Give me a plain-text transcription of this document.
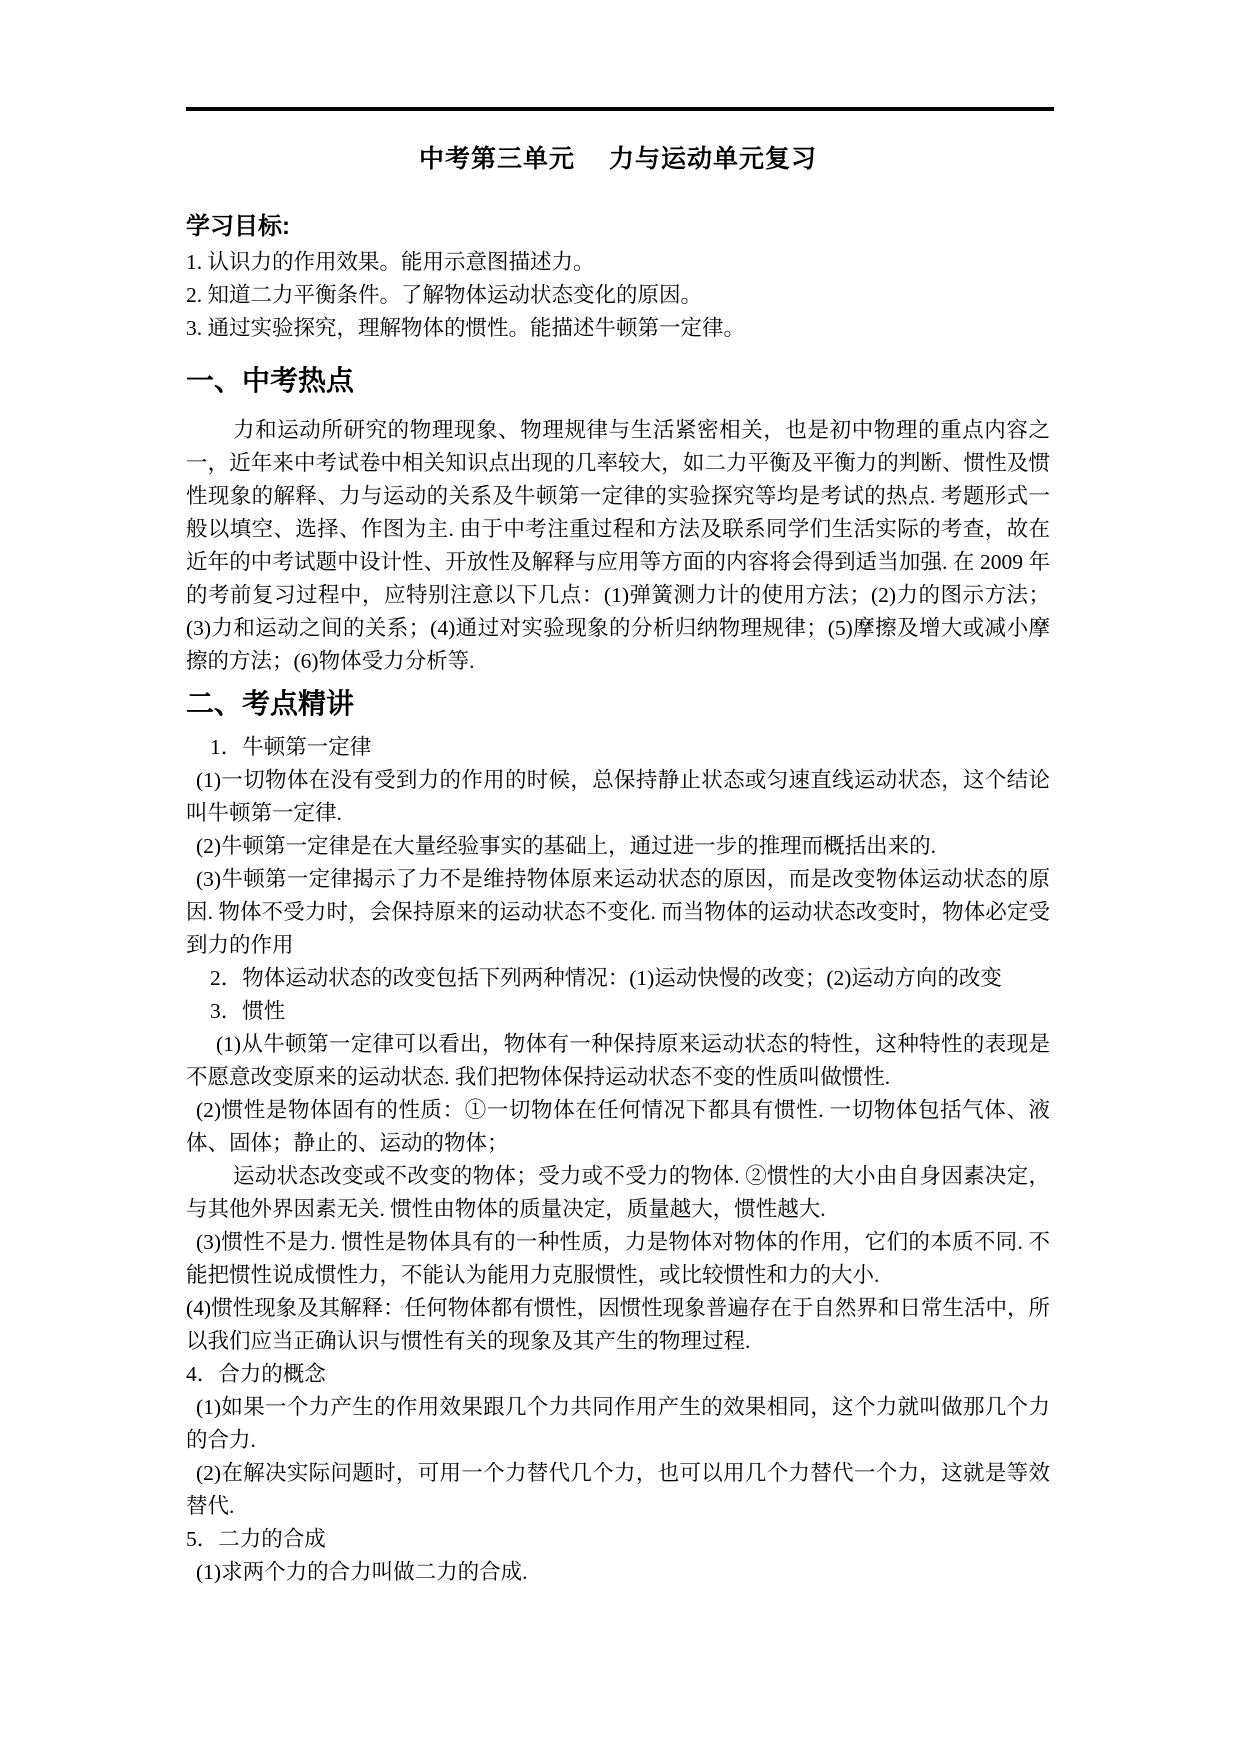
中考第三单元　 力与运动单元复习
学习目标:

1. 认识力的作用效果。能用示意图描述力。

2. 知道二力平衡条件。了解物体运动状态变化的原因。

3. 通过实验探究，理解物体的惯性。能描述牛顿第一定律。

一、中考热点

力和运动所研究的物理现象、物理规律与生活紧密相关，也是初中物理的重点内容之一，近年来中考试卷中相关知识点出现的几率较大，如二力平衡及平衡力的判断、惯性及惯性现象的解释、力与运动的关系及牛顿第一定律的实验探究等均是考试的热点. 考题形式一般以填空、选择、作图为主. 由于中考注重过程和方法及联系同学们生活实际的考查，故在近年的中考试题中设计性、开放性及解释与应用等方面的内容将会得到适当加强. 在 2009 年的考前复习过程中，应特别注意以下几点：(1)弹簧测力计的使用方法；(2)力的图示方法；(3)力和运动之间的关系；(4)通过对实验现象的分析归纳物理规律；(5)摩擦及增大或减小摩擦的方法；(6)物体受力分析等.

二、考点精讲

1．牛顿第一定律

(1)一切物体在没有受到力的作用的时候，总保持静止状态或匀速直线运动状态，这个结论叫牛顿第一定律.

(2)牛顿第一定律是在大量经验事实的基础上，通过进一步的推理而概括出来的.

(3)牛顿第一定律揭示了力不是维持物体原来运动状态的原因，而是改变物体运动状态的原因. 物体不受力时，会保持原来的运动状态不变化. 而当物体的运动状态改变时，物体必定受到力的作用

2．物体运动状态的改变包括下列两种情况：(1)运动快慢的改变；(2)运动方向的改变

3．惯性

(1)从牛顿第一定律可以看出，物体有一种保持原来运动状态的特性，这种特性的表现是不愿意改变原来的运动状态. 我们把物体保持运动状态不变的性质叫做惯性.

(2)惯性是物体固有的性质：①一切物体在任何情况下都具有惯性. 一切物体包括气体、液体、固体；静止的、运动的物体；

运动状态改变或不改变的物体；受力或不受力的物体. ②惯性的大小由自身因素决定，与其他外界因素无关. 惯性由物体的质量决定，质量越大，惯性越大.

(3)惯性不是力. 惯性是物体具有的一种性质，力是物体对物体的作用，它们的本质不同. 不能把惯性说成惯性力，不能认为能用力克服惯性，或比较惯性和力的大小.

(4)惯性现象及其解释：任何物体都有惯性，因惯性现象普遍存在于自然界和日常生活中，所以我们应当正确认识与惯性有关的现象及其产生的物理过程.

4．合力的概念

(1)如果一个力产生的作用效果跟几个力共同作用产生的效果相同，这个力就叫做那几个力的合力.

(2)在解决实际问题时，可用一个力替代几个力，也可以用几个力替代一个力，这就是等效替代.

5．二力的合成

(1)求两个力的合力叫做二力的合成.
